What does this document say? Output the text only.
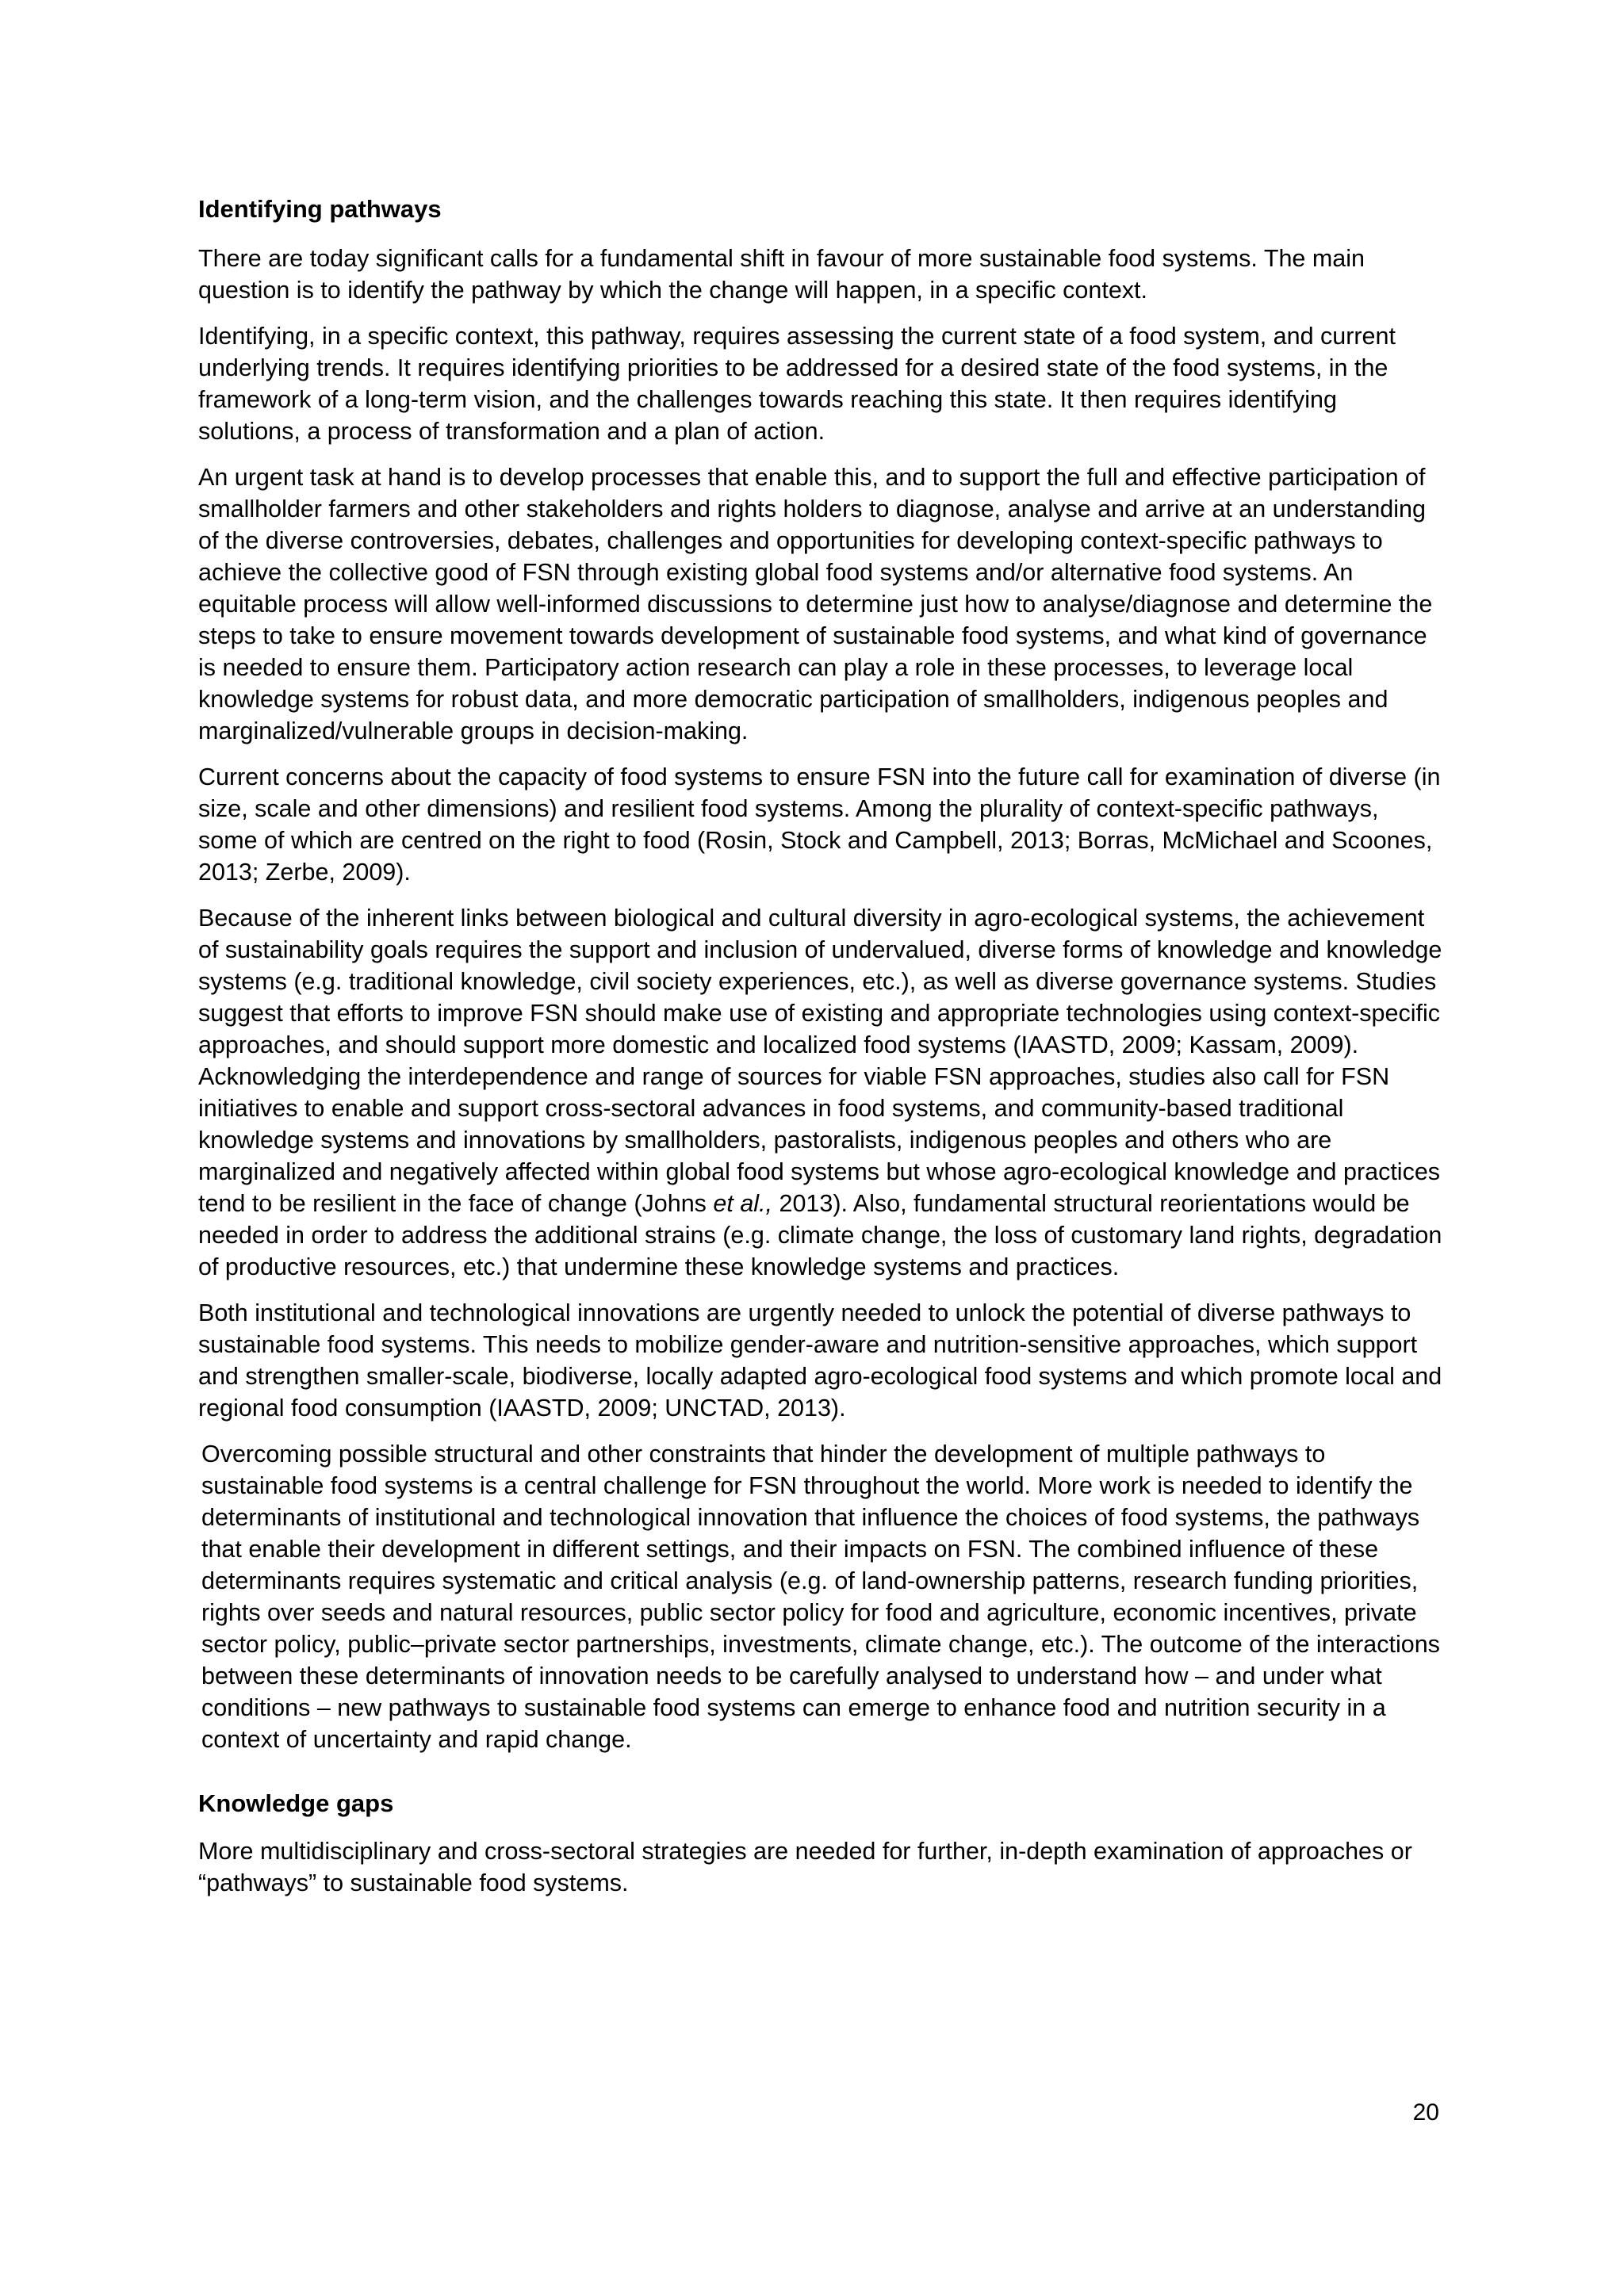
Identifying pathways

There are today significant calls for a fundamental shift in favour of more sustainable food systems. The main question is to identify the pathway by which the change will happen, in a specific context.

Identifying, in a specific context, this pathway, requires assessing the current state of a food system, and current underlying trends. It requires identifying priorities to be addressed for a desired state of the food systems, in the framework of a long-term vision, and the challenges towards reaching this state. It then requires identifying solutions, a process of transformation and a plan of action.

An urgent task at hand is to develop processes that enable this, and to support the full and effective participation of smallholder farmers and other stakeholders and rights holders to diagnose, analyse and arrive at an understanding of the diverse controversies, debates, challenges and opportunities for developing context-specific pathways to achieve the collective good of FSN through existing global food systems and/or alternative food systems. An equitable process will allow well-informed discussions to determine just how to analyse/diagnose and determine the steps to take to ensure movement towards development of sustainable food systems, and what kind of governance is needed to ensure them. Participatory action research can play a role in these processes, to leverage local knowledge systems for robust data, and more democratic participation of smallholders, indigenous peoples and marginalized/vulnerable groups in decision-making.

Current concerns about the capacity of food systems to ensure FSN into the future call for examination of diverse (in size, scale and other dimensions) and resilient food systems. Among the plurality of context-specific pathways, some of which are centred on the right to food (Rosin, Stock and Campbell, 2013; Borras, McMichael and Scoones, 2013; Zerbe, 2009).

Because of the inherent links between biological and cultural diversity in agro-ecological systems, the achievement of sustainability goals requires the support and inclusion of undervalued, diverse forms of knowledge and knowledge systems (e.g. traditional knowledge, civil society experiences, etc.), as well as diverse governance systems. Studies suggest that efforts to improve FSN should make use of existing and appropriate technologies using context-specific approaches, and should support more domestic and localized food systems (IAASTD, 2009; Kassam, 2009). Acknowledging the interdependence and range of sources for viable FSN approaches, studies also call for FSN initiatives to enable and support cross-sectoral advances in food systems, and community-based traditional knowledge systems and innovations by smallholders, pastoralists, indigenous peoples and others who are marginalized and negatively affected within global food systems but whose agro-ecological knowledge and practices tend to be resilient in the face of change (Johns et al., 2013). Also, fundamental structural reorientations would be needed in order to address the additional strains (e.g. climate change, the loss of customary land rights, degradation of productive resources, etc.) that undermine these knowledge systems and practices.

Both institutional and technological innovations are urgently needed to unlock the potential of diverse pathways to sustainable food systems. This needs to mobilize gender-aware and nutrition-sensitive approaches, which support and strengthen smaller-scale, biodiverse, locally adapted agro-ecological food systems and which promote local and regional food consumption (IAASTD, 2009; UNCTAD, 2013).

Overcoming possible structural and other constraints that hinder the development of multiple pathways to sustainable food systems is a central challenge for FSN throughout the world. More work is needed to identify the determinants of institutional and technological innovation that influence the choices of food systems, the pathways that enable their development in different settings, and their impacts on FSN. The combined influence of these determinants requires systematic and critical analysis (e.g. of land-ownership patterns, research funding priorities, rights over seeds and natural resources, public sector policy for food and agriculture, economic incentives, private sector policy, public–private sector partnerships, investments, climate change, etc.). The outcome of the interactions between these determinants of innovation needs to be carefully analysed to understand how – and under what conditions – new pathways to sustainable food systems can emerge to enhance food and nutrition security in a context of uncertainty and rapid change.

Knowledge gaps

More multidisciplinary and cross-sectoral strategies are needed for further, in-depth examination of approaches or “pathways” to sustainable food systems.

20
